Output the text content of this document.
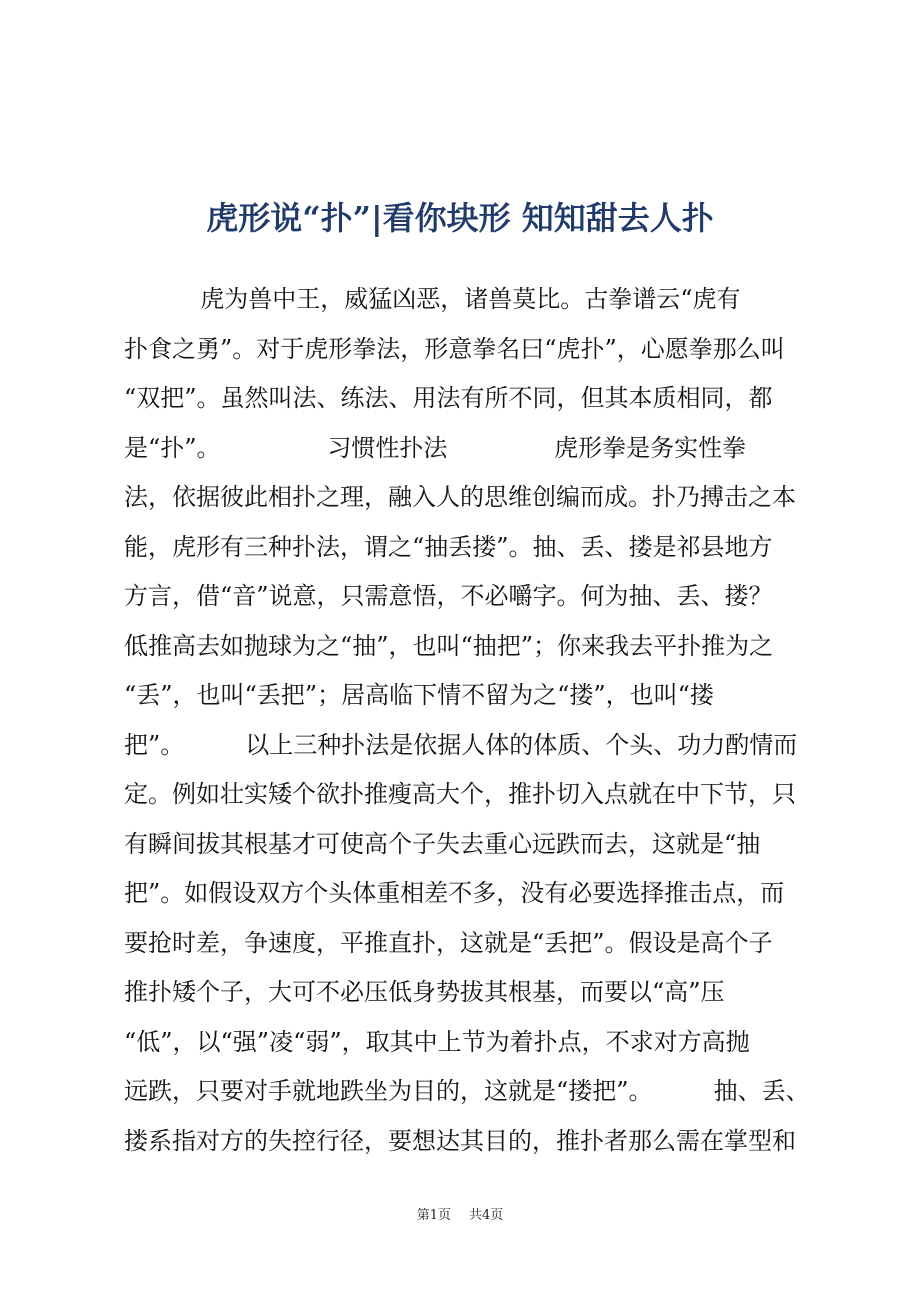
虎形说“扑”|看你块形 知知甜去人扑
虎为兽中王，威猛凶恶，诸兽莫比。古拳谱云“虎有
扑食之勇”。对于虎形拳法，形意拳名曰“虎扑”，心愿拳那么叫
“双把”。虽然叫法、练法、用法有所不同，但其本质相同，都
是“扑”。              习惯性扑法              虎形拳是务实性拳
法，依据彼此相扑之理，融入人的思维创编而成。扑乃搏击之本
能，虎形有三种扑法，谓之“抽丢搂”。抽、丢、搂是祁县地方
方言，借“音”说意，只需意悟，不必嚼字。何为抽、丢、搂？
低推高去如抛球为之“抽”，也叫“抽把”；你来我去平扑推为之
“丢”，也叫“丢把”；居高临下情不留为之“搂”，也叫“搂
把”。        以上三种扑法是依据人体的体质、个头、功力酌情而
定。例如壮实矮个欲扑推瘦高大个，推扑切入点就在中下节，只
有瞬间拔其根基才可使高个子失去重心远跌而去，这就是“抽
把”。如假设双方个头体重相差不多，没有必要选择推击点，而
要抢时差，争速度，平推直扑，这就是“丢把”。假设是高个子
推扑矮个子，大可不必压低身势拔其根基，而要以“高”压
“低”，以“强”凌“弱”，取其中上节为着扑点，不求对方高抛
远跌，只要对手就地跌坐为目的，这就是“搂把”。        抽、丢、
搂系指对方的失控行径，要想达其目的，推扑者那么需在掌型和
第1页 共4页
